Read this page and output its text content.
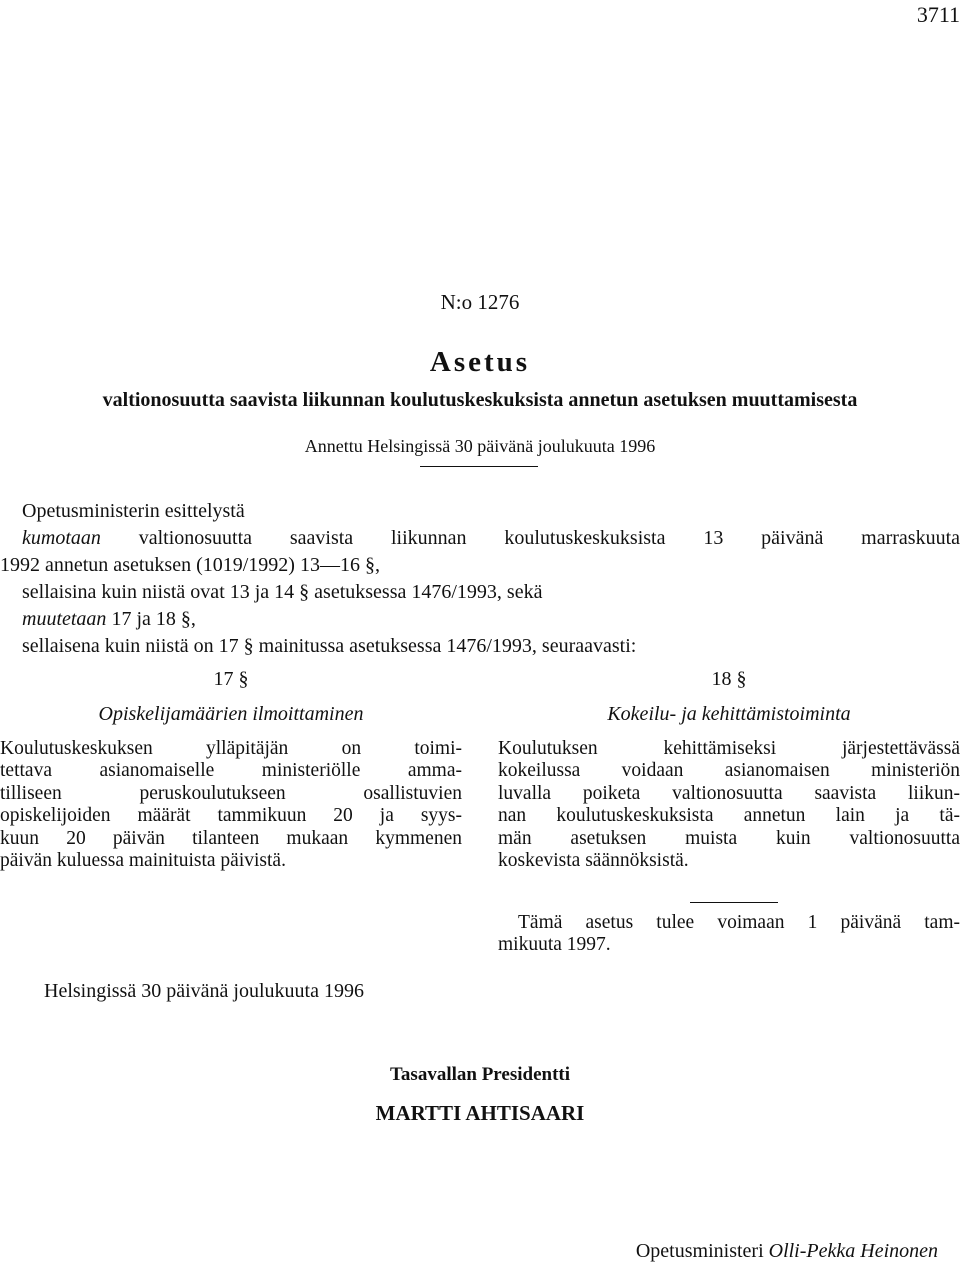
3711
N:o 1276
Asetus
valtionosuutta saavista liikunnan koulutuskeskuksista annetun asetuksen muuttamisesta
Annettu Helsingissä 30 päivänä joulukuuta 1996
Opetusministerin esittelystä
kumotaan valtionosuutta saavista liikunnan koulutuskeskuksista 13 päivänä marraskuuta
1992 annetun asetuksen (1019/1992) 13—16 §,
sellaisina kuin niistä ovat 13 ja 14 § asetuksessa 1476/1993, sekä
muutetaan 17 ja 18 §,
sellaisena kuin niistä on 17 § mainitussa asetuksessa 1476/1993, seuraavasti:
17 §
Opiskelijamäärien ilmoittaminen
Koulutuskeskuksen ylläpitäjän on toimi-
tettava asianomaiselle ministeriölle amma-
tilliseen peruskoulutukseen osallistuvien
opiskelijoiden määrät tammikuun 20 ja syys-
kuun 20 päivän tilanteen mukaan kymmenen
päivän kuluessa mainituista päivistä.
18 §
Kokeilu- ja kehittämistoiminta
Koulutuksen kehittämiseksi järjestettävässä
kokeilussa voidaan asianomaisen ministeriön
luvalla poiketa valtionosuutta saavista liikun-
nan koulutuskeskuksista annetun lain ja tä-
män asetuksen muista kuin valtionosuutta
koskevista säännöksistä.
Tämä asetus tulee voimaan 1 päivänä tam-
mikuuta 1997.
Helsingissä 30 päivänä joulukuuta 1996
Tasavallan Presidentti
MARTTI AHTISAARI
Opetusministeri Olli-Pekka Heinonen
